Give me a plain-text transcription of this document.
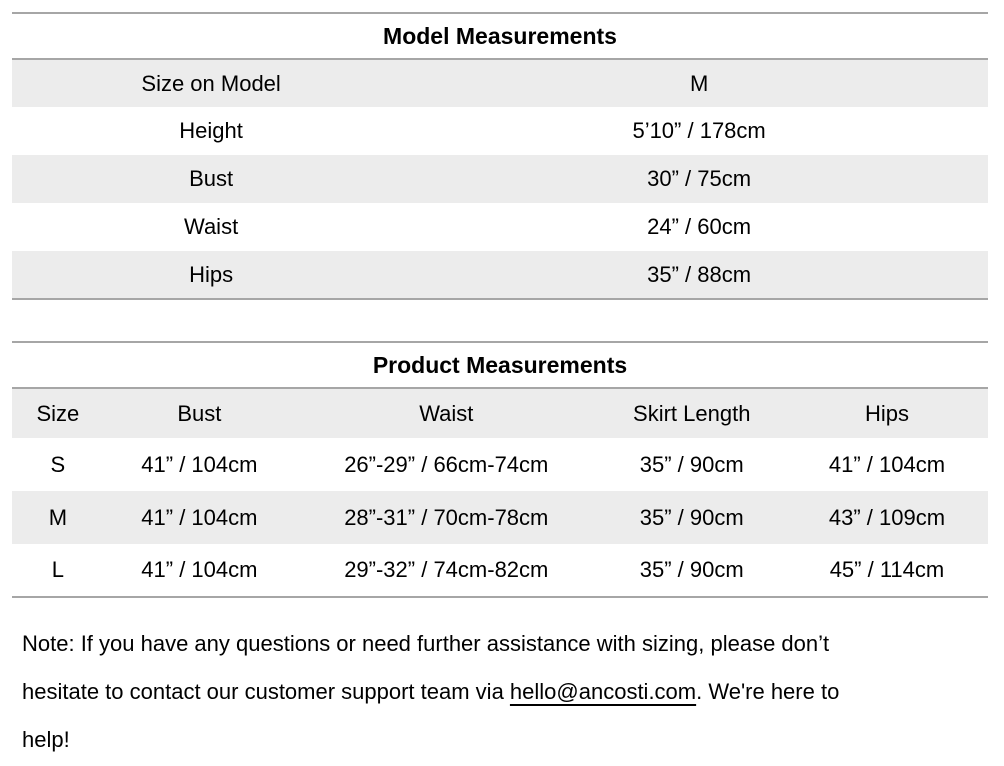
Model Measurements	
Size on Model	M
Height	5’10” / 178cm
Bust	30” / 75cm
Waist	24” / 60cm
Hips	35” / 88cm
Product Measurements				
Size	Bust	Waist	Skirt Length	Hips
S	41” / 104cm	26”-29” / 66cm-74cm	35” / 90cm	41” / 104cm
M	41” / 104cm	28”-31” / 70cm-78cm	35” / 90cm	43” / 109cm
L	41” / 104cm	29”-32” / 74cm-82cm	35” / 90cm	45” / 114cm
Note: If you have any questions or need further assistance with sizing, please don’t
hesitate to contact our customer support team via hello@ancosti.com. We're here to
help!
